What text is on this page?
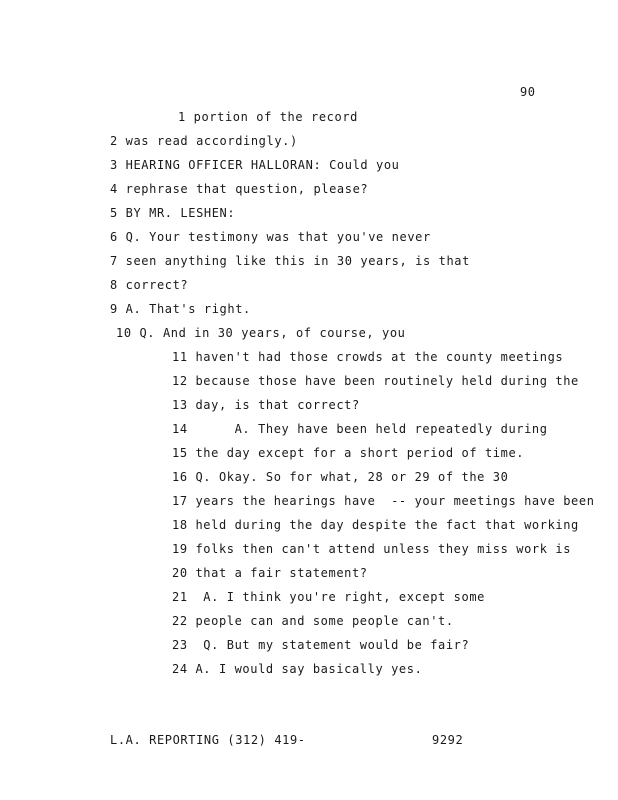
90
1 portion of the record
2 was read accordingly.)
3 HEARING OFFICER HALLORAN: Could you
4 rephrase that question, please?
5 BY MR. LESHEN:
6 Q. Your testimony was that you've never
7 seen anything like this in 30 years, is that
8 correct?
9 A. That's right.
10 Q. And in 30 years, of course, you
11 haven't had those crowds at the county meetings
12 because those have been routinely held during the
13 day, is that correct?
14      A. They have been held repeatedly during
15 the day except for a short period of time.
16 Q. Okay. So for what, 28 or 29 of the 30
17 years the hearings have  -- your meetings have been
18 held during the day despite the fact that working
19 folks then can't attend unless they miss work is
20 that a fair statement?
21  A. I think you're right, except some
22 people can and some people can't.
23  Q. But my statement would be fair?
24 A. I would say basically yes.
L.A. REPORTING (312) 419-	9292
